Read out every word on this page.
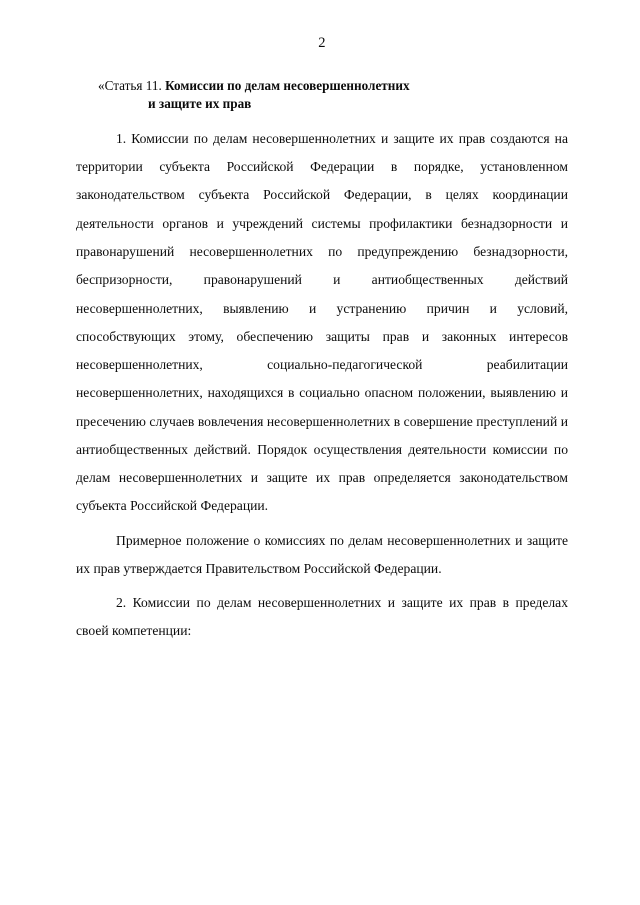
2
«Статья 11. Комиссии по делам несовершеннолетних
и защите их прав

1. Комиссии по делам несовершеннолетних и защите их прав создаются на территории субъекта Российской Федерации в порядке, установленном законодательством субъекта Российской Федерации, в целях координации деятельности органов и учреждений системы профилактики безнадзорности и правонарушений несовершеннолетних по предупреждению безнадзорности, беспризорности, правонарушений и антиобщественных действий несовершеннолетних, выявлению и устранению причин и условий, способствующих этому, обеспечению защиты прав и законных интересов несовершеннолетних, социально-педагогической реабилитации несовершеннолетних, находящихся в социально опасном положении, выявлению и пресечению случаев вовлечения несовершеннолетних в совершение преступлений и антиобщественных действий. Порядок осуществления деятельности комиссии по делам несовершеннолетних и защите их прав определяется законодательством субъекта Российской Федерации.

Примерное положение о комиссиях по делам несовершеннолетних и защите их прав утверждается Правительством Российской Федерации.

2. Комиссии по делам несовершеннолетних и защите их прав в пределах своей компетенции:
